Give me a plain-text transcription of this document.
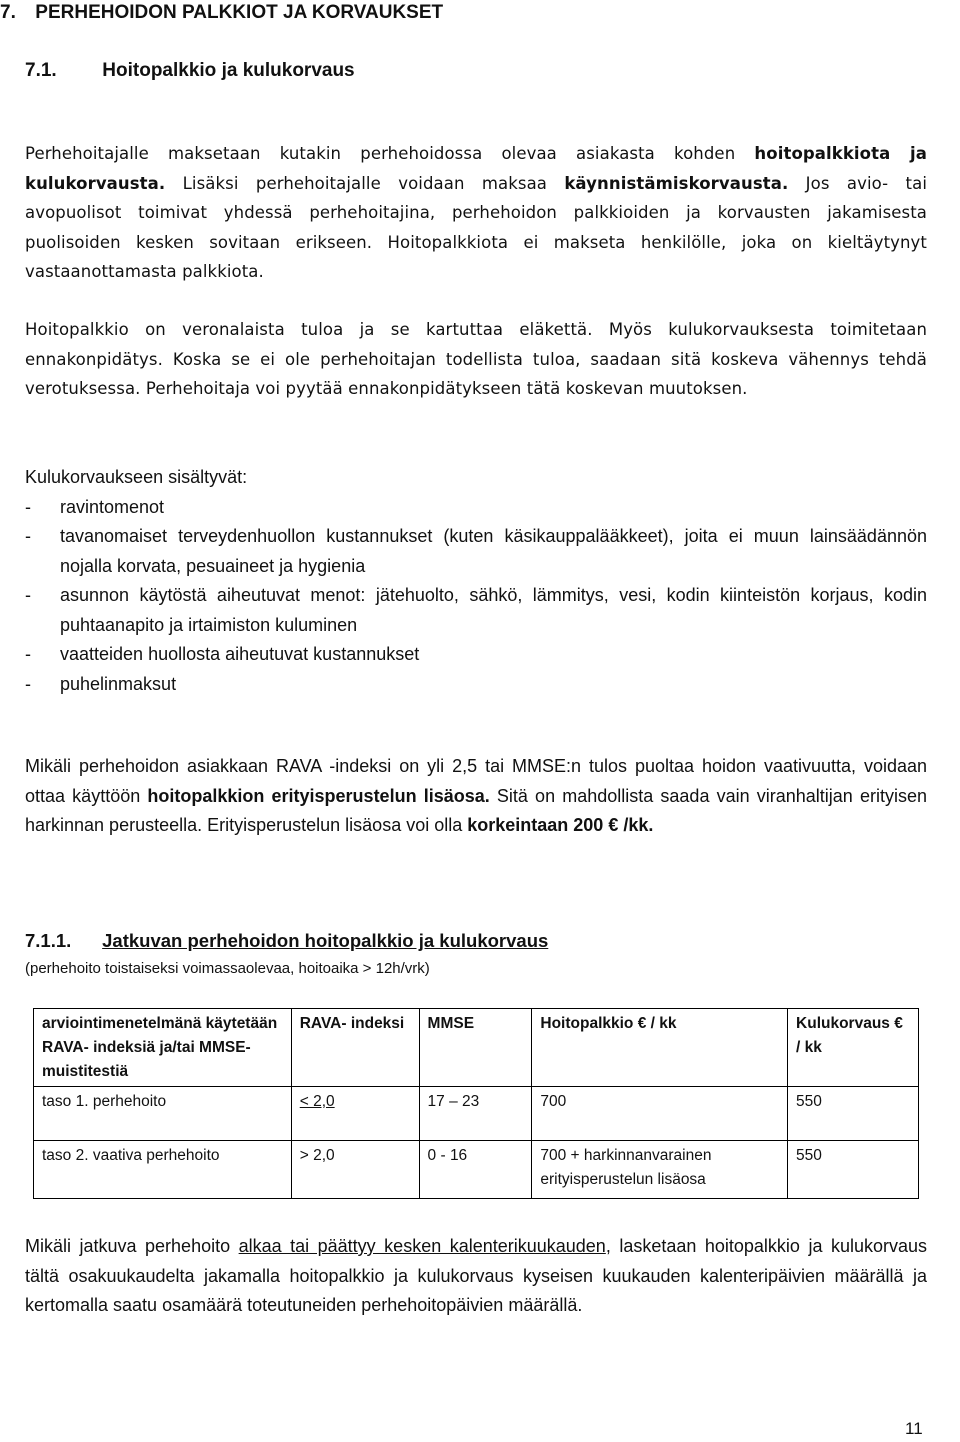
7. PERHEHOIDON PALKKIOT JA KORVAUKSET
7.1. Hoitopalkkio ja kulukorvaus
Perhehoitajalle maksetaan kutakin perhehoidossa olevaa asiakasta kohden hoitopalkkiota ja kulukorvausta. Lisäksi perhehoitajalle voidaan maksaa käynnistämiskorvausta. Jos avio- tai avopuolisot toimivat yhdessä perhehoitajina, perhehoidon palkkioiden ja korvausten jakamisesta puolisoiden kesken sovitaan erikseen. Hoitopalkkiota ei makseta henkilölle, joka on kieltäytynyt vastaanottamasta palkkiota.
Hoitopalkkio on veronalaista tuloa ja se kartuttaa eläkettä. Myös kulukorvauksesta toimitetaan ennakonpidätys. Koska se ei ole perhehoitajan todellista tuloa, saadaan sitä koskeva vähennys tehdä verotuksessa. Perhehoitaja voi pyytää ennakonpidätykseen tätä koskevan muutoksen.
Kulukorvaukseen sisältyvät:
- ravintomenot
- tavanomaiset terveydenhuollon kustannukset (kuten käsikauppalääkkeet), joita ei muun lainsäädännön nojalla korvata, pesuaineet ja hygienia
- asunnon käytöstä aiheutuvat menot: jätehuolto, sähkö, lämmitys, vesi, kodin kiinteistön korjaus, kodin puhtaanapito ja irtaimiston kuluminen
- vaatteiden huollosta aiheutuvat kustannukset
- puhelinmaksut
Mikäli perhehoidon asiakkaan RAVA -indeksi on yli 2,5 tai MMSE:n tulos puoltaa hoidon vaativuutta, voidaan ottaa käyttöön hoitopalkkion erityisperustelun lisäosa. Sitä on mahdollista saada vain viranhaltijan erityisen harkinnan perusteella. Erityisperustelun lisäosa voi olla korkeintaan 200 € /kk.
7.1.1. Jatkuvan perhehoidon hoitopalkkio ja kulukorvaus
(perhehoito toistaiseksi voimassaolevaa, hoitoaika > 12h/vrk)
arviointimenetelmänä käytetään RAVA- indeksiä ja/tai MMSE- muistitestiä	RAVA- indeksi	MMSE	Hoitopalkkio € / kk	Kulukorvaus € / kk
taso 1. perhehoito	< 2,0	17 – 23	700	550
taso 2. vaativa perhehoito	> 2,0	0 - 16	700 + harkinnanvarainen erityisperustelun lisäosa	550
Mikäli jatkuva perhehoito alkaa tai päättyy kesken kalenterikuukauden, lasketaan hoitopalkkio ja kulukorvaus tältä osakuukaudelta jakamalla hoitopalkkio ja kulukorvaus kyseisen kuukauden kalenteripäivien määrällä ja kertomalla saatu osamäärä toteutuneiden perhehoitopäivien määrällä.
11
